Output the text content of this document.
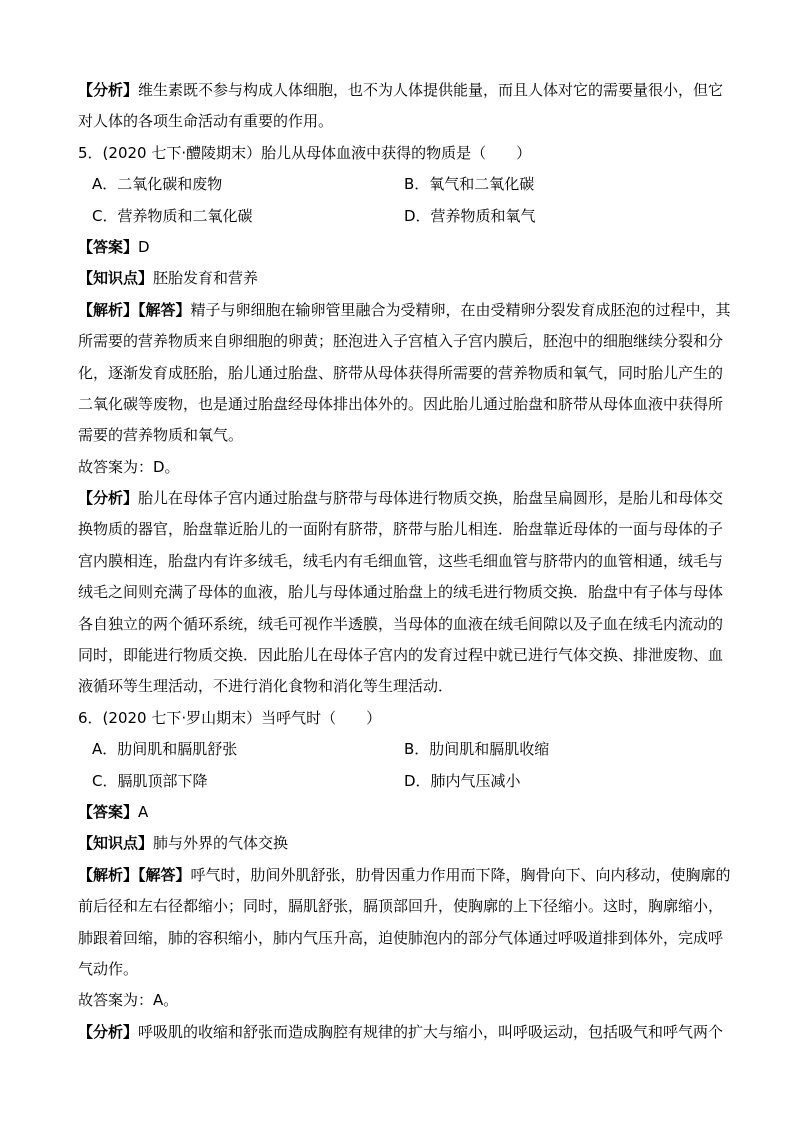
【分析】维生素既不参与构成人体细胞，也不为人体提供能量，而且人体对它的需要量很小，但它
对人体的各项生命活动有重要的作用。
5．(2020 七下·醴陵期末）胎儿从母体血液中获得的物质是（　　）
A．二氧化碳和废物	B．氧气和二氧化碳
C．营养物质和二氧化碳	D．营养物质和氧气
【答案】D
【知识点】胚胎发育和营养
【解析】【解答】精子与卵细胞在输卵管里融合为受精卵，在由受精卵分裂发育成胚泡的过程中，其
所需要的营养物质来自卵细胞的卵黄；胚泡进入子宫植入子宫内膜后，胚泡中的细胞继续分裂和分
化，逐渐发育成胚胎，胎儿通过胎盘、脐带从母体获得所需要的营养物质和氧气，同时胎儿产生的
二氧化碳等废物，也是通过胎盘经母体排出体外的。因此胎儿通过胎盘和脐带从母体血液中获得所
需要的营养物质和氧气。
故答案为：D。
【分析】胎儿在母体子宫内通过胎盘与脐带与母体进行物质交换，胎盘呈扁圆形，是胎儿和母体交
换物质的器官，胎盘靠近胎儿的一面附有脐带，脐带与胎儿相连．胎盘靠近母体的一面与母体的子
宫内膜相连，胎盘内有许多绒毛，绒毛内有毛细血管，这些毛细血管与脐带内的血管相通，绒毛与
绒毛之间则充满了母体的血液，胎儿与母体通过胎盘上的绒毛进行物质交换．胎盘中有子体与母体
各自独立的两个循环系统，绒毛可视作半透膜，当母体的血液在绒毛间隙以及子血在绒毛内流动的
同时，即能进行物质交换．因此胎儿在母体子宫内的发育过程中就已进行气体交换、排泄废物、血
液循环等生理活动，不进行消化食物和消化等生理活动．
6．(2020 七下·罗山期末）当呼气时（　　）
A．肋间肌和膈肌舒张	B．肋间肌和膈肌收缩
C．膈肌顶部下降	D．肺内气压减小
【答案】A
【知识点】肺与外界的气体交换
【解析】【解答】呼气时，肋间外肌舒张，肋骨因重力作用而下降，胸骨向下、向内移动，使胸廓的
前后径和左右径都缩小；同时，膈肌舒张，膈顶部回升，使胸廓的上下径缩小。这时，胸廓缩小，
肺跟着回缩，肺的容积缩小，肺内气压升高，迫使肺泡内的部分气体通过呼吸道排到体外，完成呼
气动作。
故答案为：A。
【分析】呼吸肌的收缩和舒张而造成胸腔有规律的扩大与缩小，叫呼吸运动，包括吸气和呼气两个
